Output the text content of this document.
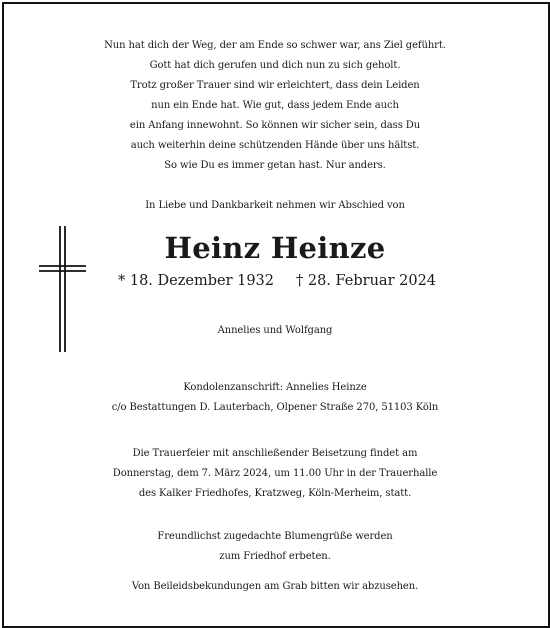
Nun hat dich der Weg, der am Ende so schwer war, ans Ziel geführt.
Gott hat dich gerufen und dich nun zu sich geholt.
Trotz großer Trauer sind wir erleichtert, dass dein Leiden
nun ein Ende hat. Wie gut, dass jedem Ende auch
ein Anfang innewohnt. So können wir sicher sein, dass Du
auch weiterhin deine schützenden Hände über uns hältst.
So wie Du es immer getan hast. Nur anders.
In Liebe und Dankbarkeit nehmen wir Abschied von
Heinz Heinze
* 18. Dezember 1932 † 28. Februar 2024
Annelies und Wolfgang
Kondolenzanschrift: Annelies Heinze
c/o Bestattungen D. Lauterbach, Olpener Straße 270, 51103 Köln
Die Trauerfeier mit anschließender Beisetzung findet am
Donnerstag, dem 7. März 2024, um 11.00 Uhr in der Trauerhalle
des Kalker Friedhofes, Kratzweg, Köln-Merheim, statt.
Freundlichst zugedachte Blumengrüße werden
zum Friedhof erbeten.
Von Beileidsbekundungen am Grab bitten wir abzusehen.
